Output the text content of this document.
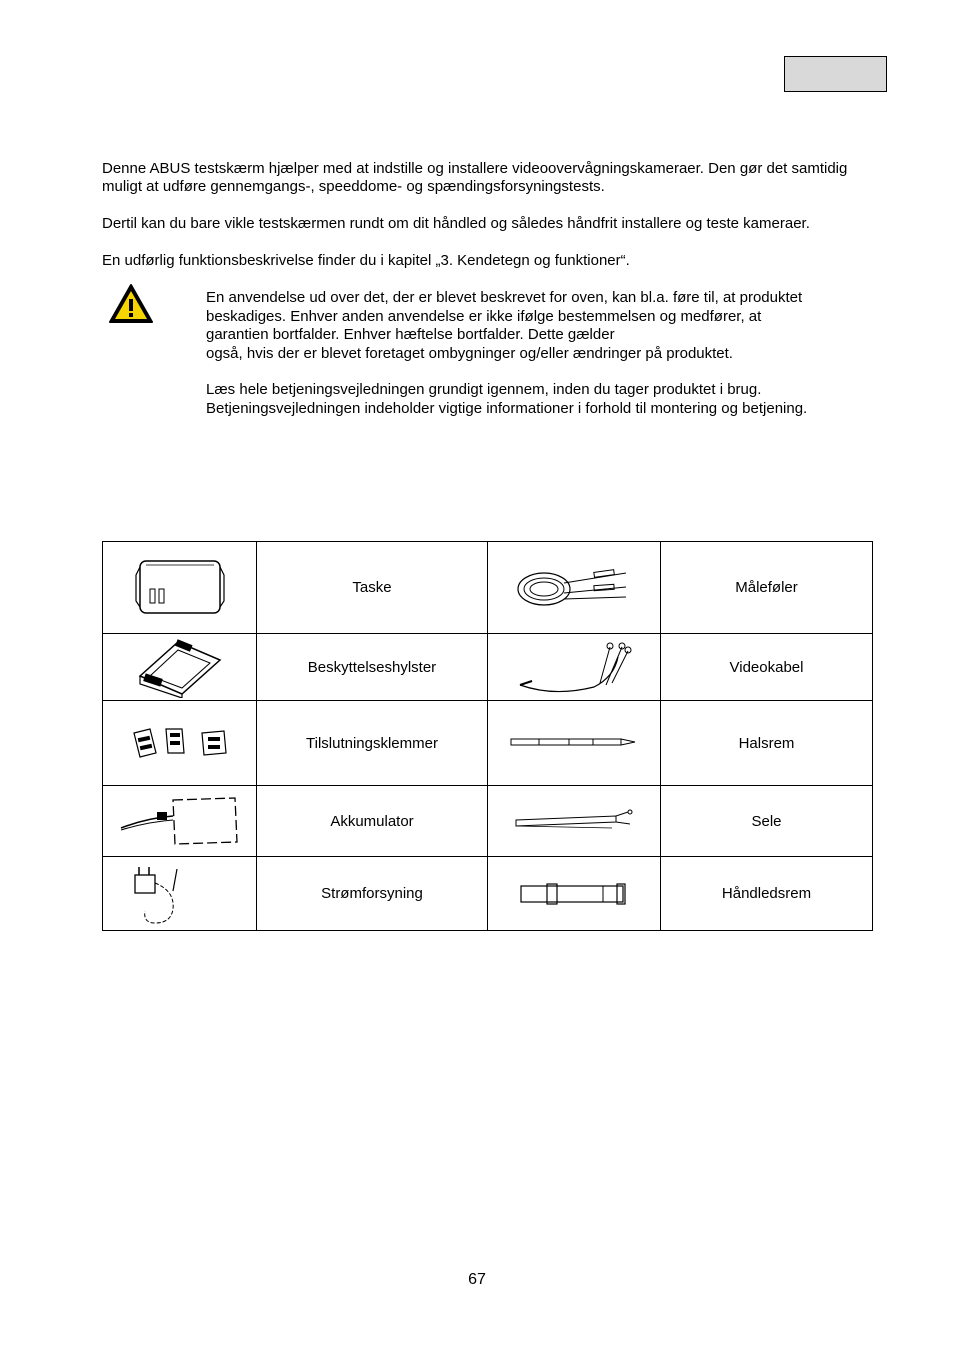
Denne ABUS testskærm hjælper med at indstille og installere videoovervågningskameraer. Den gør det samtidig muligt at udføre gennemgangs-, speeddome- og spændingsforsyningstests.

Dertil kan du bare vikle testskærmen rundt om dit håndled og således håndfrit installere og teste kameraer.

En udførlig funktionsbeskrivelse finder du i kapitel „3. Kendetegn og funktioner“.

En anvendelse ud over det, der er blevet beskrevet for oven, kan bl.a. føre til, at produktet

beskadiges. Enhver anden anvendelse er ikke ifølge bestemmelsen og medfører, at

garantien bortfalder. Enhver hæftelse bortfalder. Dette gælder

også, hvis der er blevet foretaget ombygninger og/eller ændringer på produktet.

Læs hele betjeningsvejledningen grundigt igennem, inden du tager produktet i brug.

Betjeningsvejledningen indeholder vigtige informationer i forhold til montering og betjening.

	Taske		Måleføler

	Beskyttelseshylster		Videokabel

	Tilslutningsklemmer		Halsrem

	Akkumulator		Sele

	Strømforsyning		Håndledsrem
67
